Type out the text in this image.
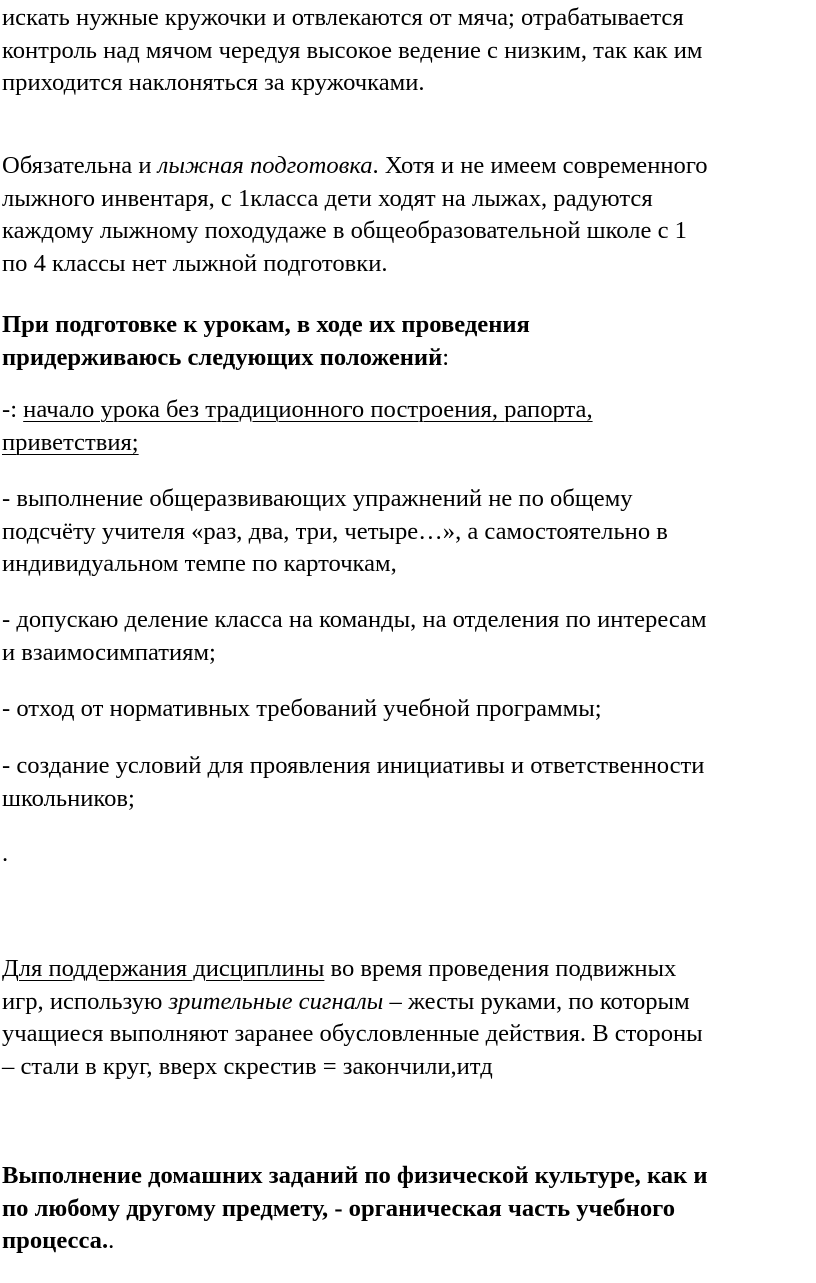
искать нужные кружочки и отвлекаются от мяча; отрабатывается
контроль над мячом чередуя высокое ведение с низким, так как им
приходится наклоняться за кружочками.

Обязательна и лыжная подготовка. Хотя и не имеем современного
лыжного инвентаря, с 1класса дети ходят на лыжах, радуются
каждому лыжному походудаже в общеобразовательной школе с 1
по 4 классы нет лыжной подготовки.

При подготовке к урокам, в ходе их проведения
придерживаюсь следующих положений:

-: начало урока без традиционного построения, рапорта,
приветствия;

- выполнение общеразвивающих упражнений не по общему
подсчёту учителя «раз, два, три, четыре…», а самостоятельно в
индивидуальном темпе по карточкам,

- допускаю деление класса на команды, на отделения по интересам
и взаимосимпатиям;

- отход от нормативных требований учебной программы;

- создание условий для проявления инициативы и ответственности
школьников;

.

Для поддержания дисциплины во время проведения подвижных
игр, использую зрительные сигналы – жесты руками, по которым
учащиеся выполняют заранее обусловленные действия. В стороны
– стали в круг, вверх скрестив = закончили,итд

Выполнение домашних заданий по физической культуре, как и
по любому другому предмету, - органическая часть учебного
процесса..
